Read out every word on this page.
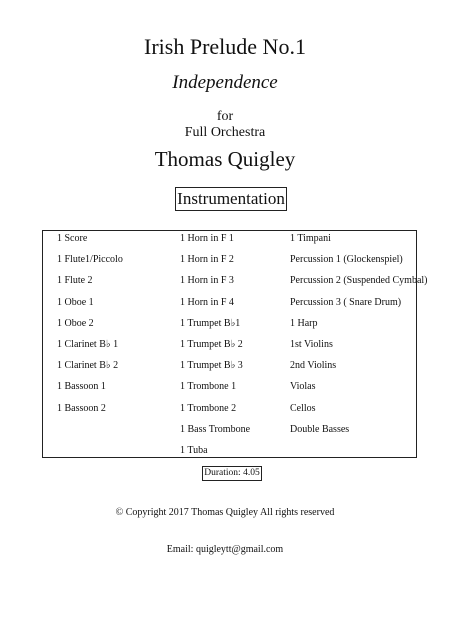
Irish Prelude No.1
Independence
for
Full Orchestra
Thomas Quigley
Instrumentation
1 Score
1 Flute1/Piccolo
1 Flute 2
1 Oboe 1
1 Oboe 2
1 Clarinet B♭ 1
1 Clarinet B♭ 2
1 Bassoon 1
1 Bassoon 2
1 Horn in F 1
1 Horn in F 2
1 Horn in F 3
1 Horn in F 4
1 Trumpet B♭1
1 Trumpet B♭ 2
1 Trumpet B♭ 3
1 Trombone 1
1 Trombone 2
1 Bass Trombone
1 Tuba
1 Timpani
Percussion 1 (Glockenspiel)
Percussion 2 (Suspended Cymbal)
Percussion 3 ( Snare Drum)
1 Harp
1st Violins
2nd Violins
Violas
Cellos
Double Basses
Duration: 4.05
© Copyright 2017 Thomas Quigley All rights reserved
Email: quigleytt@gmail.com
